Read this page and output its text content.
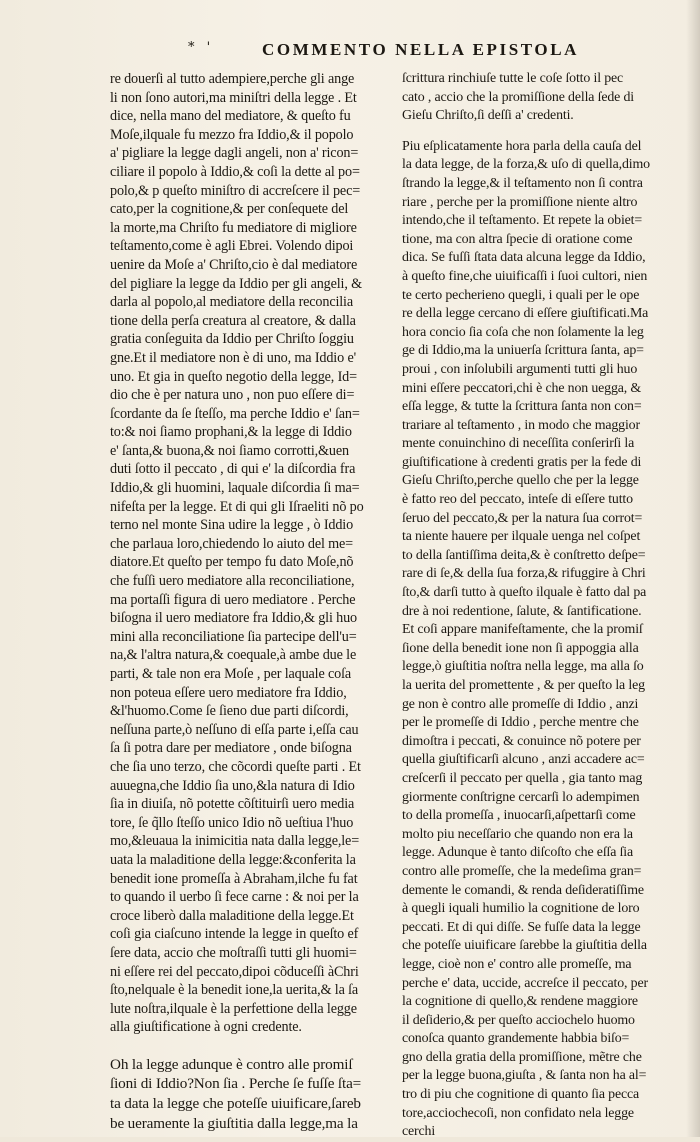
* '	COMMENTO NELLA EPISTOLA
re douerſi al tutto adempiere,perche gli ange
li non ſono autori,ma miniſtri della legge . Et
dice, nella mano del mediatore, & queſto fu
Moſe,ilquale fu mezzo fra Iddio,& il popolo
a' pigliare la legge dagli angeli, non a' ricon=
ciliare il popolo à Iddio,& coſi la dette al po=
polo,& p queſto miniſtro di accreſcere il pec=
cato,per la cognitione,& per conſequete del
la morte,ma Chriſto fu mediatore di migliore
teſtamento,come è agli Ebrei. Volendo dipoi
uenire da Moſe a' Chriſto,cio è dal mediatore
del pigliare la legge da Iddio per gli angeli, &
darla al popolo,al mediatore della reconcilia
tione della perſa creatura al creatore, & dalla
gratia conſeguita da Iddio per Chriſto ſoggiu
gne.Et il mediatore non è di uno, ma Iddio e'
uno. Et gia in queſto negotio della legge, Id=
dio che è per natura uno , non puo eſſere di=
ſcordante da ſe ſteſſo, ma perche Iddio e' ſan=
to:& noi ſiamo prophani,& la legge di Iddio
e' ſanta,& buona,& noi ſiamo corrotti,&uen
duti ſotto il peccato , di qui e' la diſcordia fra
Iddio,& gli huomini, laquale diſcordia ſi ma=
nifeſta per la legge. Et di qui gli Iſraeliti nõ po
terno nel monte Sina udire la legge , ò Iddio
che parlaua loro,chiedendo lo aiuto del me=
diatore.Et queſto per tempo fu dato Moſe,nõ
che fuſſi uero mediatore alla reconciliatione,
ma portaſſi figura di uero mediatore . Perche
biſogna il uero mediatore fra Iddio,& gli huo
mini alla reconciliatione ſia partecipe dell'u=
na,& l'altra natura,& coequale,à ambe due le
parti, & tale non era Moſe , per laquale coſa
non poteua eſſere uero mediatore fra Iddio,
&l'huomo.Come ſe ſieno due parti diſcordi,
neſſuna parte,ò neſſuno di eſſa parte i,eſſa cau
ſa ſi potra dare per mediatore , onde biſogna
che ſia uno terzo, che cõcordi queſte parti . Et
auuegna,che Iddio ſia uno,&la natura di Idio
ſia in diuiſa, nõ potette cõſtituirſi uero media
tore, ſe q̃llo ſteſſo unico Idio nõ ueſtiua l'huo
mo,&leuaua la inimicitia nata dalla legge,le=
uata la maladitione della legge:&conferita la
benedit ione promeſſa à Abraham,ilche fu fat
to quando il uerbo ſi fece carne : & noi per la
croce liberò dalla maladitione della legge.Et
coſi gia ciaſcuno intende la legge in queſto ef
ſere data, accio che moſtraſſi tutti gli huomi=
ni eſſere rei del peccato,dipoi cõduceſſi àChri
ſto,nelquale è la benedit ione,la uerita,& la ſa
lute noſtra,ilquale è la perfettione della legge
alla giuſtificatione à ogni credente.
Oh la legge adunque è contro alle promiſ
ſioni di Iddio?Non ſia . Perche ſe fuſſe ſta=
ta data la legge che poteſſe uiuificare,ſareb
be ueramente la giuſtitia dalla legge,ma la
ſcrittura rinchiuſe tutte le coſe ſotto il pec
cato , accio che la promiſſione della ſede di
Gieſu Chriſto,ſi deſſi a' credenti.
Piu eſplicatamente hora parla della cauſa del
la data legge, de la forza,& uſo di quella,dimo
ſtrando la legge,& il teſtamento non ſi contra
riare , perche per la promiſſione niente altro
intendo,che il teſtamento. Et repete la obiet=
tione, ma con altra ſpecie di oratione come
dica. Se fuſſi ſtata data alcuna legge da Iddio,
à queſto fine,che uiuificaſſi i ſuoi cultori, nien
te certo pecherieno quegli, i quali per le ope
re della legge cercano di eſſere giuſtificati.Ma
hora concio ſia coſa che non ſolamente la leg
ge di Iddio,ma la uniuerſa ſcrittura ſanta, ap=
proui , con inſolubili argumenti tutti gli huo
mini eſſere peccatori,chi è che non uegga, &
eſſa legge, & tutte la ſcrittura ſanta non con=
trariare al teſtamento , in modo che maggior
mente conuinchino di neceſſita conſerirſi la
giuſtificatione à credenti gratis per la fede di
Gieſu Chriſto,perche quello che per la legge
è fatto reo del peccato, inteſe di eſſere tutto
ſeruo del peccato,& per la natura ſua corrot=
ta niente hauere per ilquale uenga nel coſpet
to della ſantiſſima deita,& è conſtretto deſpe=
rare di ſe,& della ſua forza,& rifuggire à Chri
ſto,& darſi tutto à queſto ilquale è fatto dal pa
dre à noi redentione, ſalute, & ſantificatione.
Et coſi appare manifeſtamente, che la promiſ
ſione della benedit ione non ſi appoggia alla
legge,ò giuſtitia noſtra nella legge, ma alla ſo
la uerita del promettente , & per queſto la leg
ge non è contro alle promeſſe di Iddio , anzi
per le promeſſe di Iddio , perche mentre che
dimoſtra i peccati, & conuince nõ potere per
quella giuſtificarſi alcuno , anzi accadere ac=
creſcerſi il peccato per quella , gia tanto mag
giormente conſtrigne cercarſi lo adempimen
to della promeſſa , inuocarſi,aſpettarſi come
molto piu neceſſario che quando non era la
legge. Adunque è tanto diſcoſto che eſſa ſia
contro alle promeſſe, che la medeſima gran=
demente le comandi, & renda deſideratiſſime
à quegli iquali humilio la cognitione de loro
peccati. Et di qui diſſe. Se fuſſe data la legge
che poteſſe uiuificare ſarebbe la giuſtitia della
legge, cioè non e' contro alle promeſſe, ma
perche e' data, uccide, accreſce il peccato, per
la cognitione di quello,& rendene maggiore
il deſiderio,& per queſto acciochelo huomo
conoſca quanto grandemente habbia biſo=
gno della gratia della promiſſione, mẽtre che
per la legge buona,giuſta , & ſanta non ha al=
tro di piu che cognitione di quanto ſia pecca
tore,acciochecoſi, non confidato nela legge
cerchi
